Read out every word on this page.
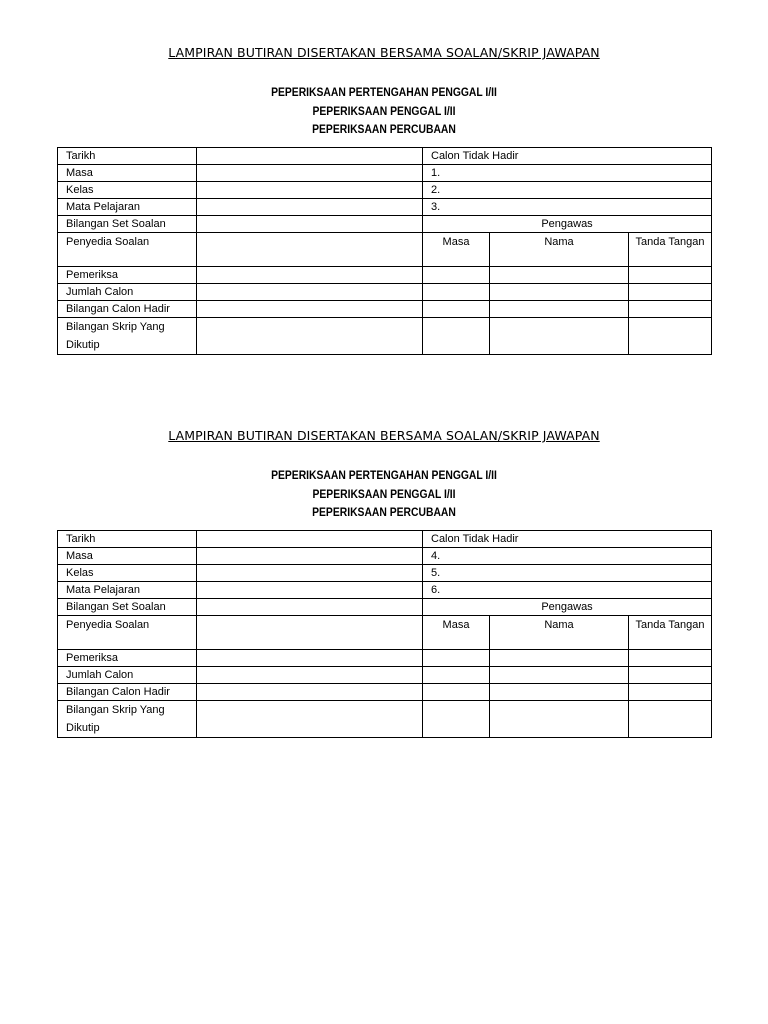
LAMPIRAN BUTIRAN DISERTAKAN BERSAMA SOALAN/SKRIP JAWAPAN
PEPERIKSAAN PERTENGAHAN PENGGAL I/II
PEPERIKSAAN PENGGAL I/II
PEPERIKSAAN PERCUBAAN
Tarikh		Calon Tidak Hadir		
Masa		1.		
Kelas		2.		
Mata Pelajaran		3.		
Bilangan Set Soalan		Pengawas		
Penyedia Soalan		Masa	Nama	Tanda Tangan
Pemeriksa				
Jumlah Calon				
Bilangan Calon Hadir				
Bilangan Skrip Yang Dikutip				
LAMPIRAN BUTIRAN DISERTAKAN BERSAMA SOALAN/SKRIP JAWAPAN
PEPERIKSAAN PERTENGAHAN PENGGAL I/II
PEPERIKSAAN PENGGAL I/II
PEPERIKSAAN PERCUBAAN
Tarikh		Calon Tidak Hadir		
Masa		4.		
Kelas		5.		
Mata Pelajaran		6.		
Bilangan Set Soalan		Pengawas		
Penyedia Soalan		Masa	Nama	Tanda Tangan
Pemeriksa				
Jumlah Calon				
Bilangan Calon Hadir				
Bilangan Skrip Yang Dikutip				
